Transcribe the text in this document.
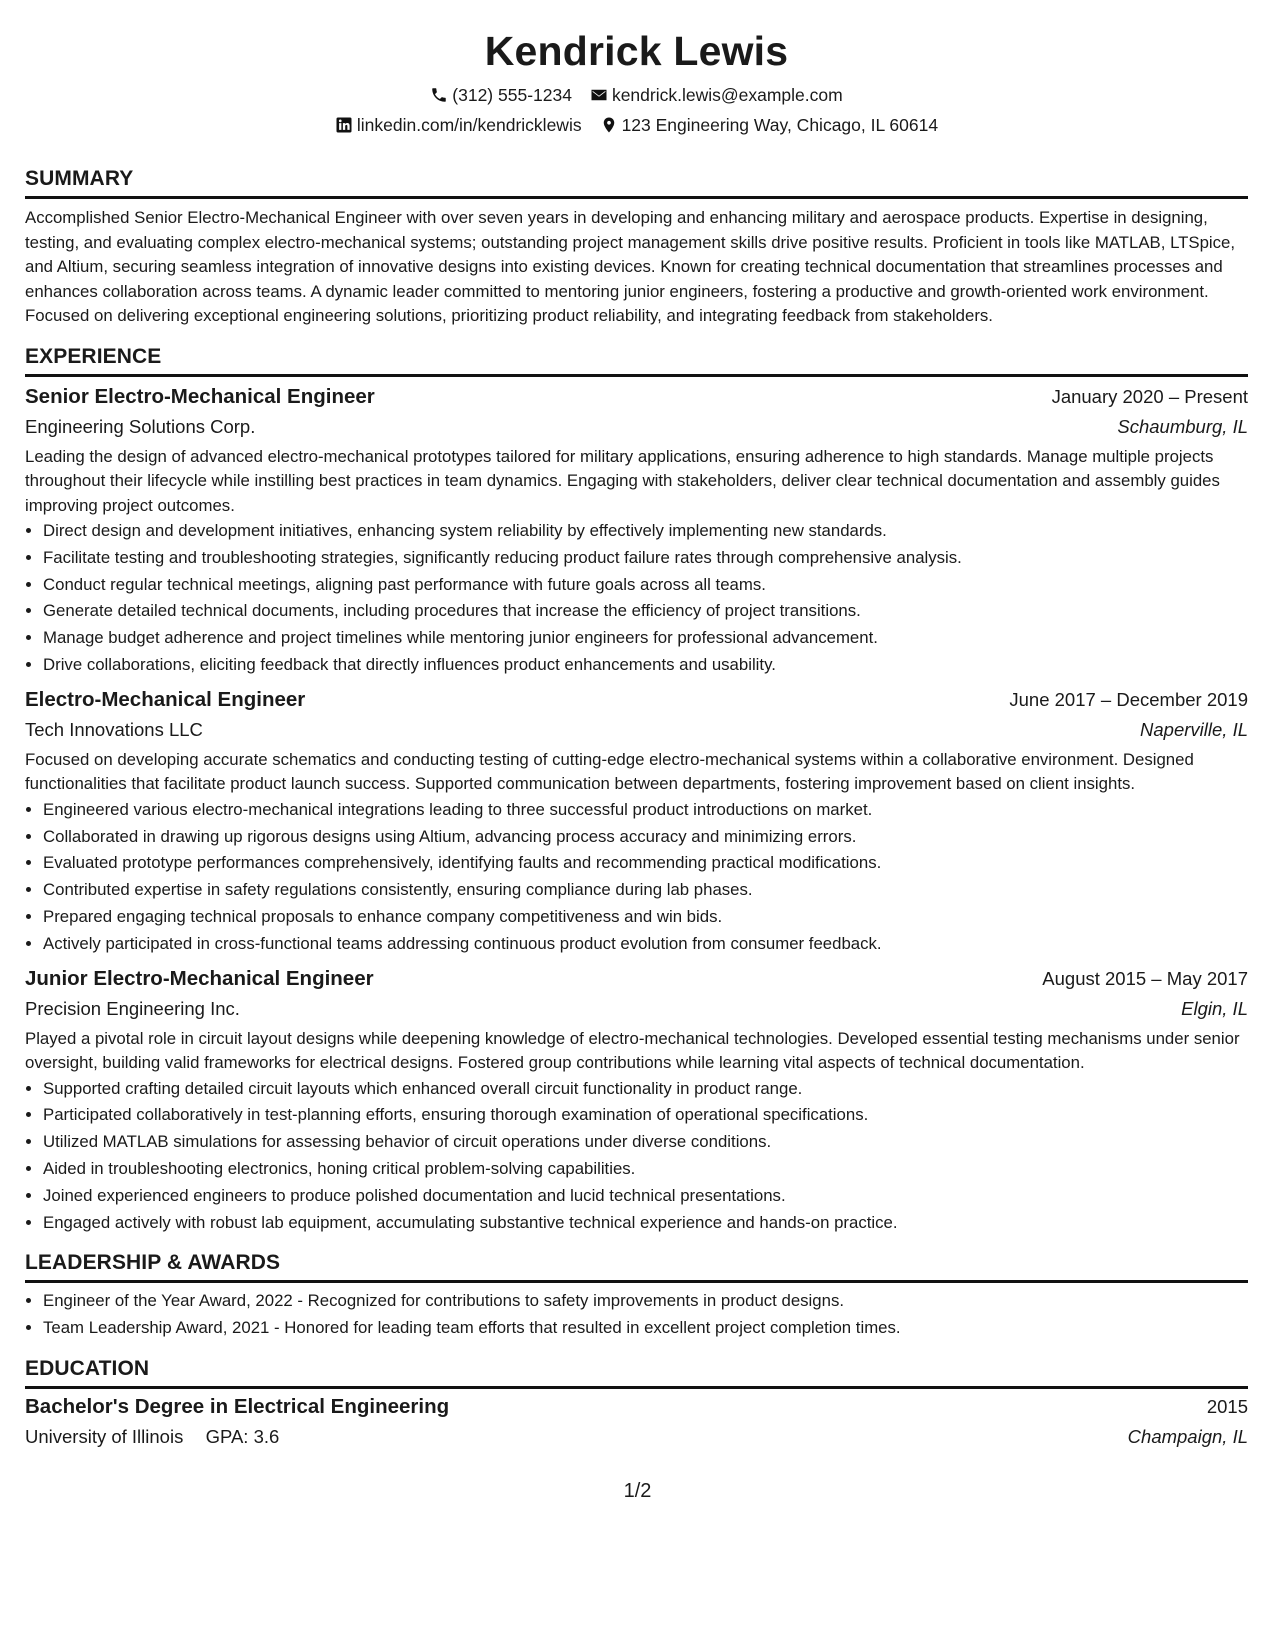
Kendrick Lewis
(312) 555-1234 kendrick.lewis@example.com
linkedin.com/in/kendricklewis 123 Engineering Way, Chicago, IL 60614
SUMMARY

Accomplished Senior Electro-Mechanical Engineer with over seven years in developing and enhancing military and aerospace products. Expertise in designing, testing, and evaluating complex electro-mechanical systems; outstanding project management skills drive positive results. Proficient in tools like MATLAB, LTSpice, and Altium, securing seamless integration of innovative designs into existing devices. Known for creating technical documentation that streamlines processes and enhances collaboration across teams. A dynamic leader committed to mentoring junior engineers, fostering a productive and growth-oriented work environment. Focused on delivering exceptional engineering solutions, prioritizing product reliability, and integrating feedback from stakeholders.

EXPERIENCE
Senior Electro-Mechanical Engineer	January 2020 – Present
Engineering Solutions Corp.	Schaumburg, IL

Leading the design of advanced electro-mechanical prototypes tailored for military applications, ensuring adherence to high standards. Manage multiple projects throughout their lifecycle while instilling best practices in team dynamics. Engaging with stakeholders, deliver clear technical documentation and assembly guides improving project outcomes.

• Direct design and development initiatives, enhancing system reliability by effectively implementing new standards.
• Facilitate testing and troubleshooting strategies, significantly reducing product failure rates through comprehensive analysis.
• Conduct regular technical meetings, aligning past performance with future goals across all teams.
• Generate detailed technical documents, including procedures that increase the efficiency of project transitions.
• Manage budget adherence and project timelines while mentoring junior engineers for professional advancement.
• Drive collaborations, eliciting feedback that directly influences product enhancements and usability.
Electro-Mechanical Engineer	June 2017 – December 2019
Tech Innovations LLC	Naperville, IL

Focused on developing accurate schematics and conducting testing of cutting-edge electro-mechanical systems within a collaborative environment. Designed functionalities that facilitate product launch success. Supported communication between departments, fostering improvement based on client insights.

• Engineered various electro-mechanical integrations leading to three successful product introductions on market.
• Collaborated in drawing up rigorous designs using Altium, advancing process accuracy and minimizing errors.
• Evaluated prototype performances comprehensively, identifying faults and recommending practical modifications.
• Contributed expertise in safety regulations consistently, ensuring compliance during lab phases.
• Prepared engaging technical proposals to enhance company competitiveness and win bids.
• Actively participated in cross-functional teams addressing continuous product evolution from consumer feedback.
Junior Electro-Mechanical Engineer	August 2015 – May 2017
Precision Engineering Inc.	Elgin, IL

Played a pivotal role in circuit layout designs while deepening knowledge of electro-mechanical technologies. Developed essential testing mechanisms under senior oversight, building valid frameworks for electrical designs. Fostered group contributions while learning vital aspects of technical documentation.

• Supported crafting detailed circuit layouts which enhanced overall circuit functionality in product range.
• Participated collaboratively in test-planning efforts, ensuring thorough examination of operational specifications.
• Utilized MATLAB simulations for assessing behavior of circuit operations under diverse conditions.
• Aided in troubleshooting electronics, honing critical problem-solving capabilities.
• Joined experienced engineers to produce polished documentation and lucid technical presentations.
• Engaged actively with robust lab equipment, accumulating substantive technical experience and hands-on practice.
LEADERSHIP & AWARDS
• Engineer of the Year Award, 2022 - Recognized for contributions to safety improvements in product designs.
• Team Leadership Award, 2021 - Honored for leading team efforts that resulted in excellent project completion times.
EDUCATION
Bachelor's Degree in Electrical Engineering	2015
University of Illinois GPA: 3.6	Champaign, IL
1/2
